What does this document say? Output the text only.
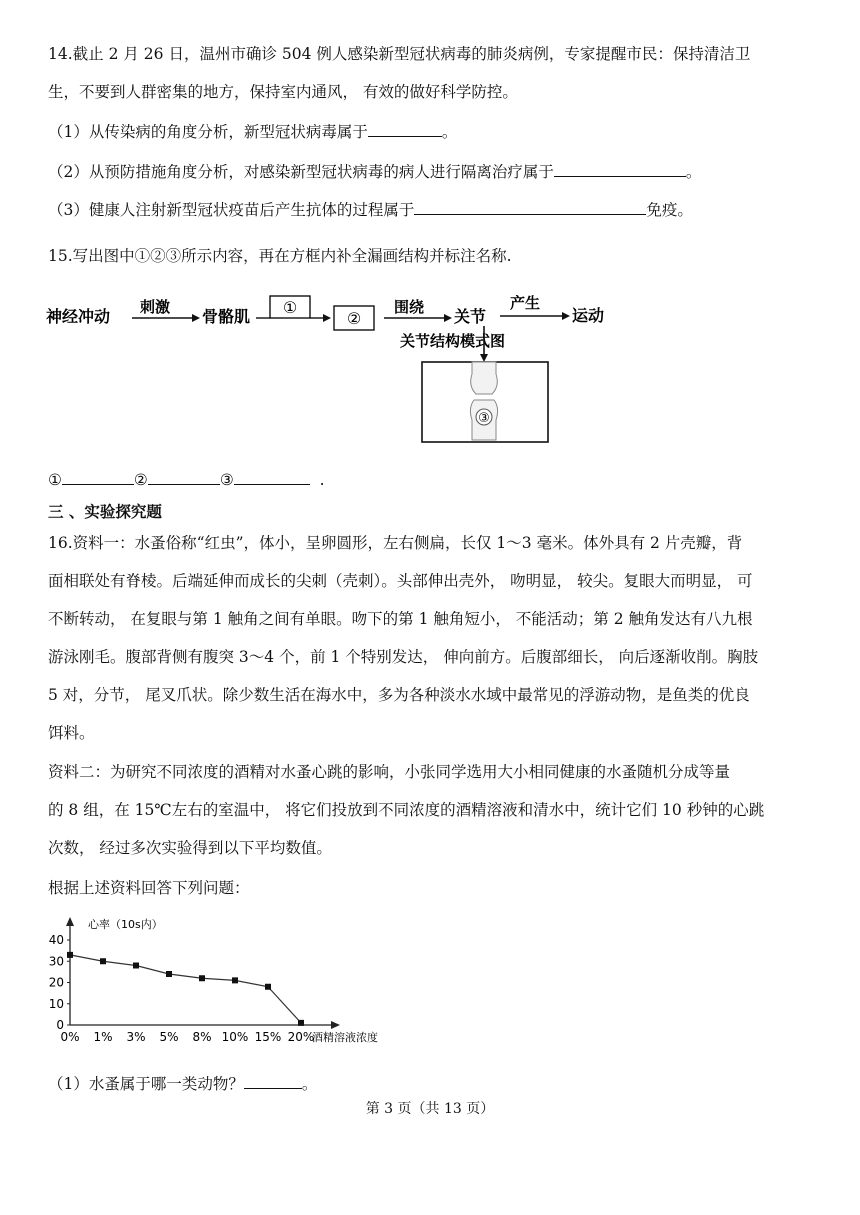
14.截止 2 月 26 日，温州市确诊 504 例人感染新型冠状病毒的肺炎病例，专家提醒市民：保持清洁卫
生，不要到人群密集的地方，保持室内通风， 有效的做好科学防控。
（1）从传染病的角度分析，新型冠状病毒属于	。
（2）从预防措施角度分析，对感染新型冠状病毒的病人进行隔离治疗属于	。
（3）健康人注射新型冠状疫苗后产生抗体的过程属于	免疫。
15.写出图中①②③所示内容，再在方框内补全漏画结构并标注名称.
神经冲动 刺激 骨骼肌 ①
②
围绕 关节
产生
运动
关节结构模式图
③
①	②	③	.
三 、实验探究题
16.资料一：水蚤俗称“红虫”，体小，呈卵圆形，左右侧扁，长仅 1～3 毫米。体外具有 2 片壳瓣，背
面相联处有脊棱。后端延伸而成长的尖刺（壳刺）。头部伸出壳外， 吻明显， 较尖。复眼大而明显， 可
不断转动， 在复眼与第 1 触角之间有单眼。吻下的第 1 触角短小， 不能活动；第 2 触角发达有八九根
游泳刚毛。腹部背侧有腹突 3～4 个，前 1 个特别发达， 伸向前方。后腹部细长， 向后逐渐收削。胸肢
5 对，分节， 尾叉爪状。除少数生活在海水中，多为各种淡水水域中最常见的浮游动物，是鱼类的优良
饵料。
资料二：为研究不同浓度的酒精对水蚤心跳的影响，小张同学选用大小相同健康的水蚤随机分成等量
的 8 组，在 15℃左右的室温中， 将它们投放到不同浓度的酒精溶液和清水中，统计它们 10 秒钟的心跳
次数， 经过多次实验得到以下平均数值。
根据上述资料回答下列问题：
心率（10s内）
酒精溶液浓度
0
10
20
30
40
0% 1% 3% 5% 8% 10% 15% 20%
（1）水蚤属于哪一类动物？	。
第 3 页（共 13 页）
